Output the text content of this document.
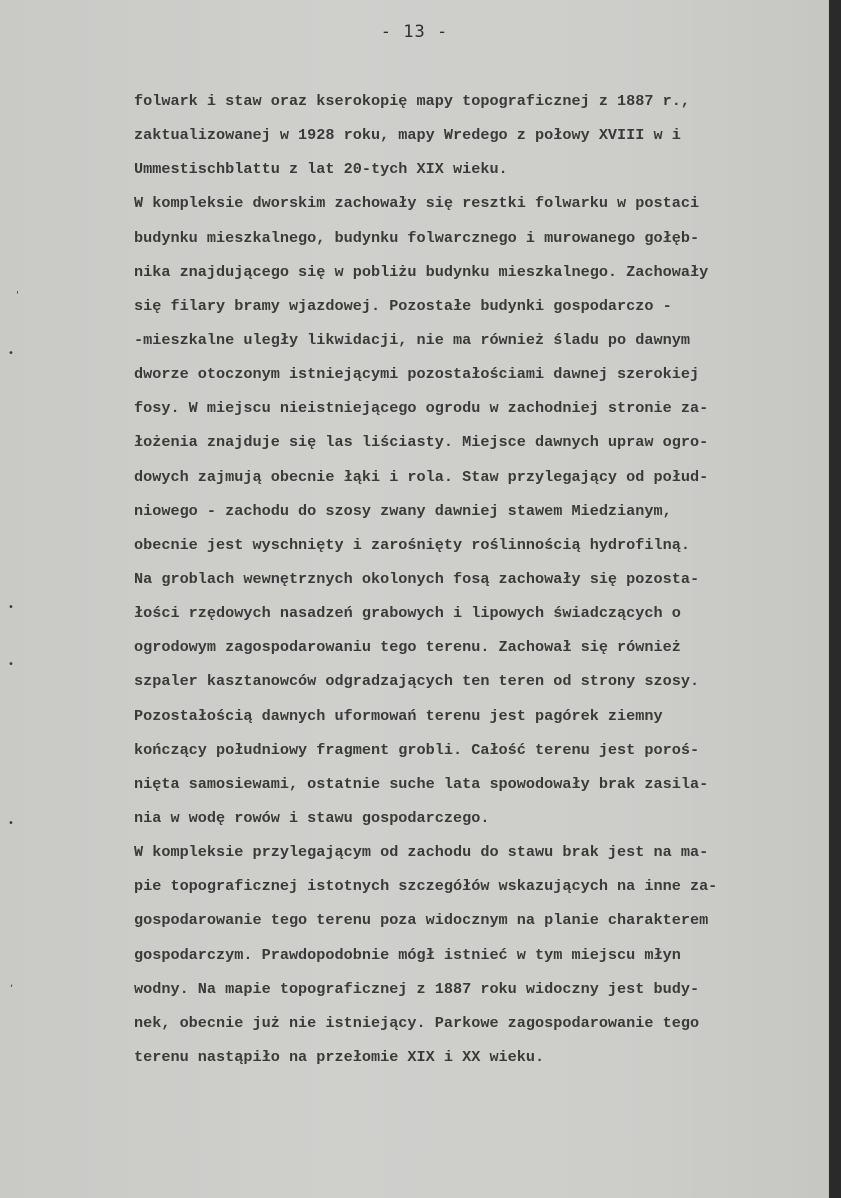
- 13 -
'
•
•
•
•
,
folwark i staw oraz kserokopię mapy topograficznej z 1887 r.,
zaktualizowanej w 1928 roku, mapy Wredego z połowy XVIII w i
Ummestischblattu z lat 20-tych XIX wieku.
W kompleksie dworskim zachowały się resztki folwarku w postaci
budynku mieszkalnego, budynku folwarcznego i murowanego gołęb-
nika znajdującego się w pobliżu budynku mieszkalnego. Zachowały
się filary bramy wjazdowej. Pozostałe budynki gospodarczo -
-mieszkalne uległy likwidacji, nie ma również śladu po dawnym
dworze otoczonym istniejącymi pozostałościami dawnej szerokiej
fosy. W miejscu nieistniejącego ogrodu w zachodniej stronie za-
łożenia znajduje się las liściasty. Miejsce dawnych upraw ogro-
dowych zajmują obecnie łąki i rola. Staw przylegający od połud-
niowego - zachodu do szosy zwany dawniej stawem Miedzianym,
obecnie jest wyschnięty i zarośnięty roślinnością hydrofilną.
Na groblach wewnętrznych okolonych fosą zachowały się pozosta-
łości rzędowych nasadzeń grabowych i lipowych świadczących o
ogrodowym zagospodarowaniu tego terenu. Zachował się również
szpaler kasztanowców odgradzających ten teren od strony szosy.
Pozostałością dawnych uformowań terenu jest pagórek ziemny
kończący południowy fragment grobli. Całość terenu jest poroś-
nięta samosiewami, ostatnie suche lata spowodowały brak zasila-
nia w wodę rowów i stawu gospodarczego.
W kompleksie przylegającym od zachodu do stawu brak jest na ma-
pie topograficznej istotnych szczegółów wskazujących na inne za-
gospodarowanie tego terenu poza widocznym na planie charakterem
gospodarczym. Prawdopodobnie mógł istnieć w tym miejscu młyn
wodny. Na mapie topograficznej z 1887 roku widoczny jest budy-
nek, obecnie już nie istniejący. Parkowe zagospodarowanie tego
terenu nastąpiło na przełomie XIX i XX wieku.
